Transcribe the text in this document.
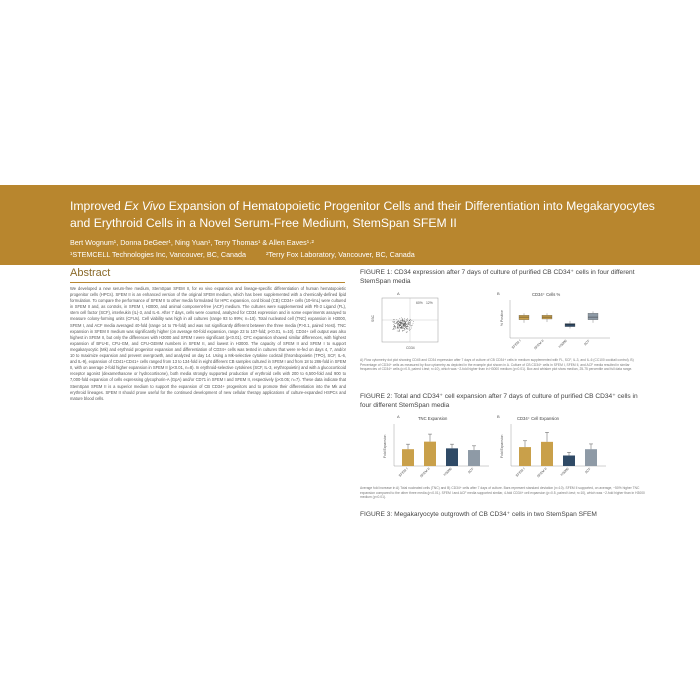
Improved Ex Vivo Expansion of Hematopoietic Progenitor Cells and their Differentiation into Megakaryocytes and Erythroid Cells in a Novel Serum-Free Medium, StemSpan SFEM II
Bert Wognum¹, Donna DeGeer¹, Ning Yuan¹, Terry Thomas¹ & Allen Eaves¹·²
¹STEMCELL Technologies Inc, Vancouver, BC, Canada	²Terry Fox Laboratory, Vancouver, BC, Canada
Abstract
We developed a new serum-free medium, StemSpan SFEM II, for ex vivo expansion and lineage-specific differentiation of human hematopoietic progenitor cells (HPCs). SFEM II is an enhanced version of the original SFEM medium, which has been supplemented with a chemically-defined lipid formulation. To compare the performance of SFEM II to other media formulated for HPC expansion, cord blood (CB) CD34+ cells (10⁴/mL) were cultured in SFEM II and, as controls, in SFEM I, H3000, and animal component-free (ACF) medium. The cultures were supplemented with Flt-3 Ligand (FL), stem cell factor (SCF), interleukin (IL)-3, and IL-6. After 7 days, cells were counted, analyzed for CD34 expression and in some experiments assayed to measure colony-forming units (CFUs). Cell viability was high in all cultures (range 93 to 99%; n=10). Total nucleated cell (TNC) expansion in H3000, SFEM I, and ACF media averaged 40-fold (range 14 to 76-fold) and was not significantly different between the three media (P>0.1, paired t-test). TNC expansion in SFEM II medium was significantly higher (on average 60-fold expansion, range 23 to 107-fold; p<0.01, n=10). CD34+ cell output was also highest in SFEM II, but only the differences with H3000 and SFEM I were significant (p<0.01). CFC expansion showed similar differences, with highest expansion of BFU-E, CFU-GM, and CFU-GEMM numbers in SFEM II, and lowest in H3000. The capacity of SFEM II and SFEM I to support megakaryocytic (Mk) and erythroid progenitor expansion and differentiation of CD34+ cells was tested in cultures that were re-fed on days 4, 7, and/or 10 to maximize expansion and prevent overgrowth, and analyzed on day 14. Using a Mk-selective cytokine cocktail (thrombopoietin (TPO), SCF, IL-6, and IL-9), expansion of CD41+CD41+ cells ranged from 13 to 134-fold in eight different CB samples cultured in SFEM I and from 18 to 286-fold in SFEM II, with on average 2-fold higher expansion in SFEM II (p<0.01, n=8). In erythroid-selective cytokines (SCF, IL-3, erythropoietin) and with a glucocorticoid receptor agonist (dexamethasone or hydrocortisone), both media strongly supported production of erythroid cells with 200 to 6,500-fold and 900 to 7,000-fold expansion of cells expressing glycophorin-A (GpA) and/or CD71 in SFEM I and SFEM II, respectively (p<0.05; n=7). These data indicate that StemSpan SFEM II is a superior medium to support the expansion of CB CD34+ progenitors and to promote their differentiation into the Mk and erythroid lineages. SFEM II should prove useful for the continued development of new cellular therapy applications of culture-expanded HSPCs and mature blood cells.
FIGURE 1: CD34 expression after 7 days of culture of purified CB CD34⁺ cells in four different StemSpan media
A
60% 12%
CD34
SSC
B	CD34⁺ Cells %
% Positive
SFEM I	SFEM II	H3000	ACF
A) Flow cytometry dot plot showing CD45 and CD34 expression after 7 days of culture of CB CD34+ cells in medium supplemented with FL, SCF, IL-3, and IL-6 (CC100 cocktail control). B) Percentage of CD34+ cells as measured by flow cytometry as depicted in the example plot shown in A. Culture of CB CD34+ cells in SFEM I, SFEM II, and ACF media resulted in similar frequencies of CD34+ cells (p>0.5, paired t-test; n=10), which was ~2-fold higher than in H3000 medium (p<0.01). Box and whisker plot show median, 25-75 percentile and full data range.
FIGURE 2: Total and CD34⁺ cell expansion after 7 days of culture of purified CB CD34⁺ cells in four different StemSpan media
A	TNC Expansion
Fold Expansion
SFEM I	SFEM II	H3000	ACF
B	CD34⁺ Cell Expansion
Fold Expansion
SFEM I	SFEM II	H3000	ACF
Average fold increase in A) Total nucleated cells (TNC) and B) CD34+ cells after 7 days of culture. Bars represent standard deviation (n=10). SFEM II supported, on average, ~50% higher TNC expansion compared to the other three media (p<0.01). SFEM I and ACF media supported similar, 4-fold CD34+ cell expansion (p=0.5, paired t-test; n=10), which was ~2-fold higher than in H3000 medium (p<0.01).
FIGURE 3: Megakaryocyte outgrowth of CB CD34⁺ cells in two StemSpan SFEM
